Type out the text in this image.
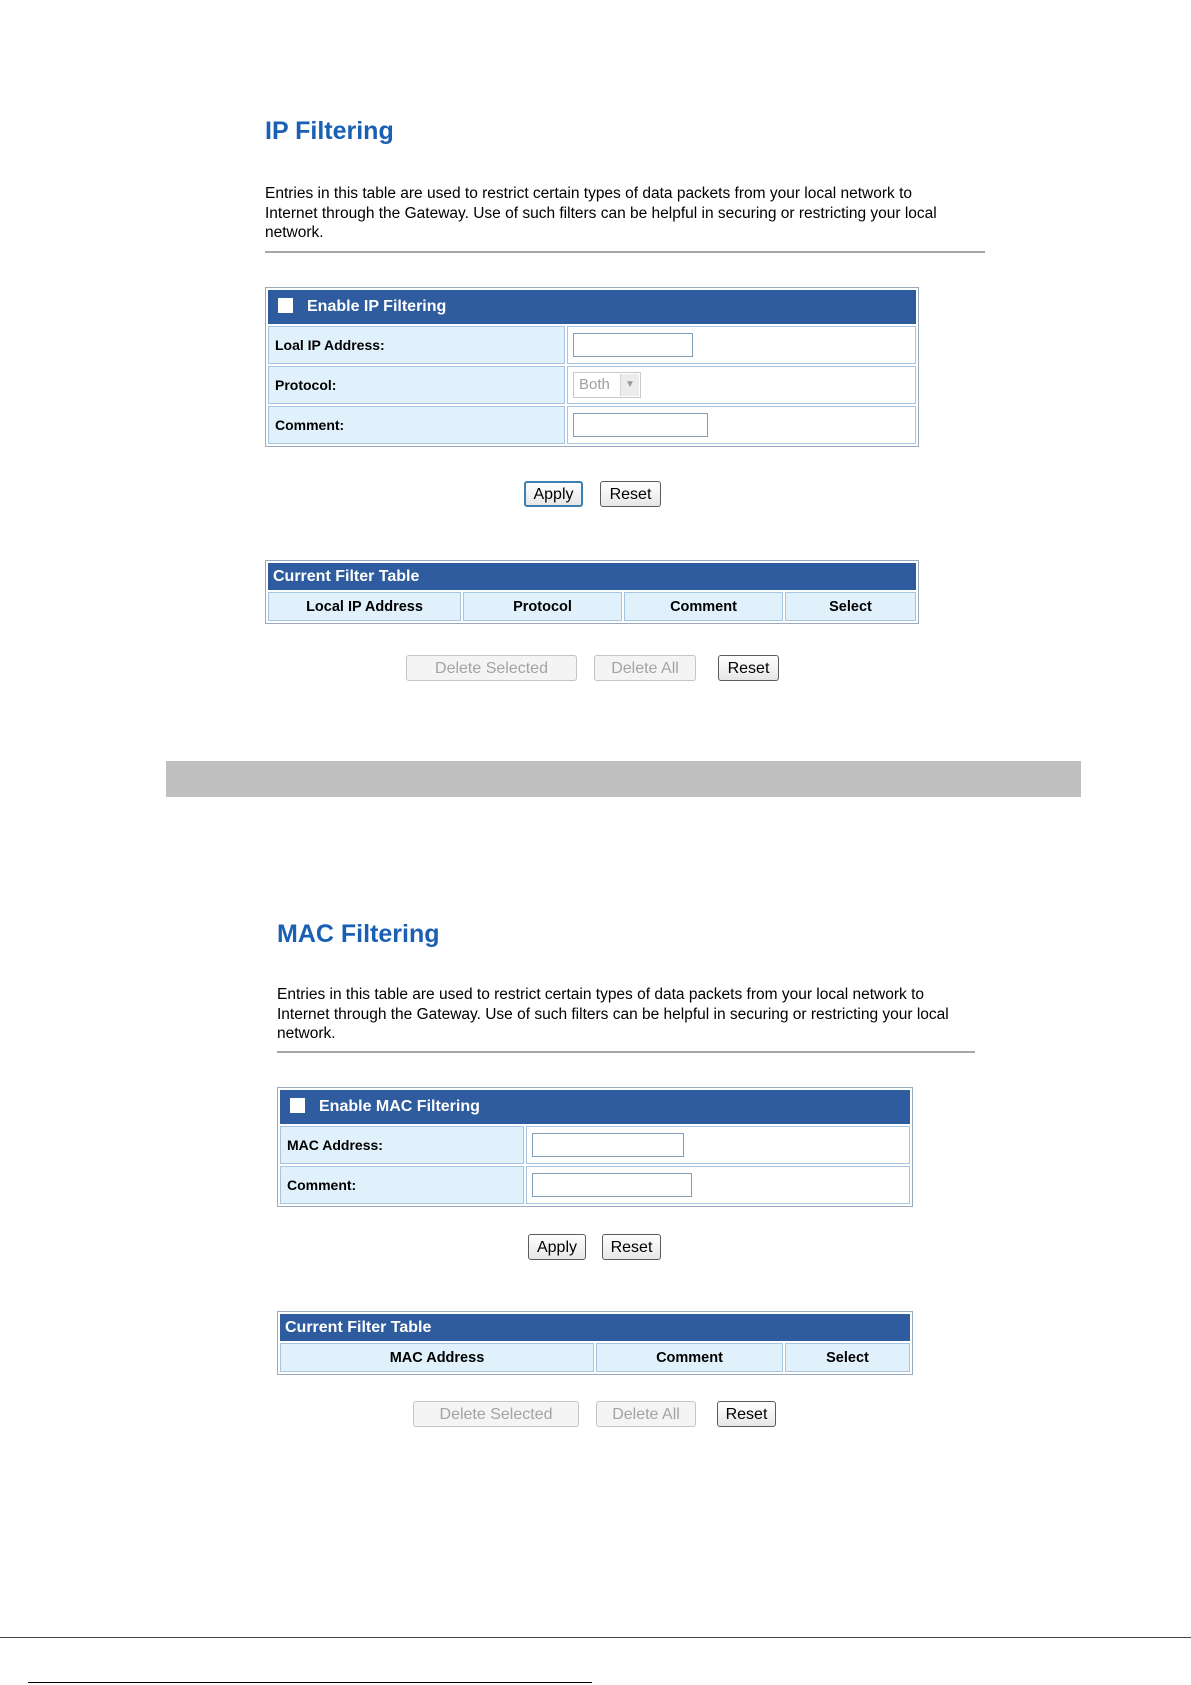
IP Filtering
Entries in this table are used to restrict certain types of data packets from your local network to
Internet through the Gateway. Use of such filters can be helpful in securing or restricting your local
network.
Enable IP Filtering	
Loal IP Address:	
Protocol:	Both ▼

Comment:	
Apply	Reset
Current Filter Table
Local IP Address	Protocol	Comment	Select
Delete Selected	Delete All	Reset
MAC Filtering
Entries in this table are used to restrict certain types of data packets from your local network to
Internet through the Gateway. Use of such filters can be helpful in securing or restricting your local
network.
Enable MAC Filtering	
MAC Address:	
Comment:	
Apply	Reset
Current Filter Table
MAC Address	Comment	Select
Delete Selected	Delete All	Reset
